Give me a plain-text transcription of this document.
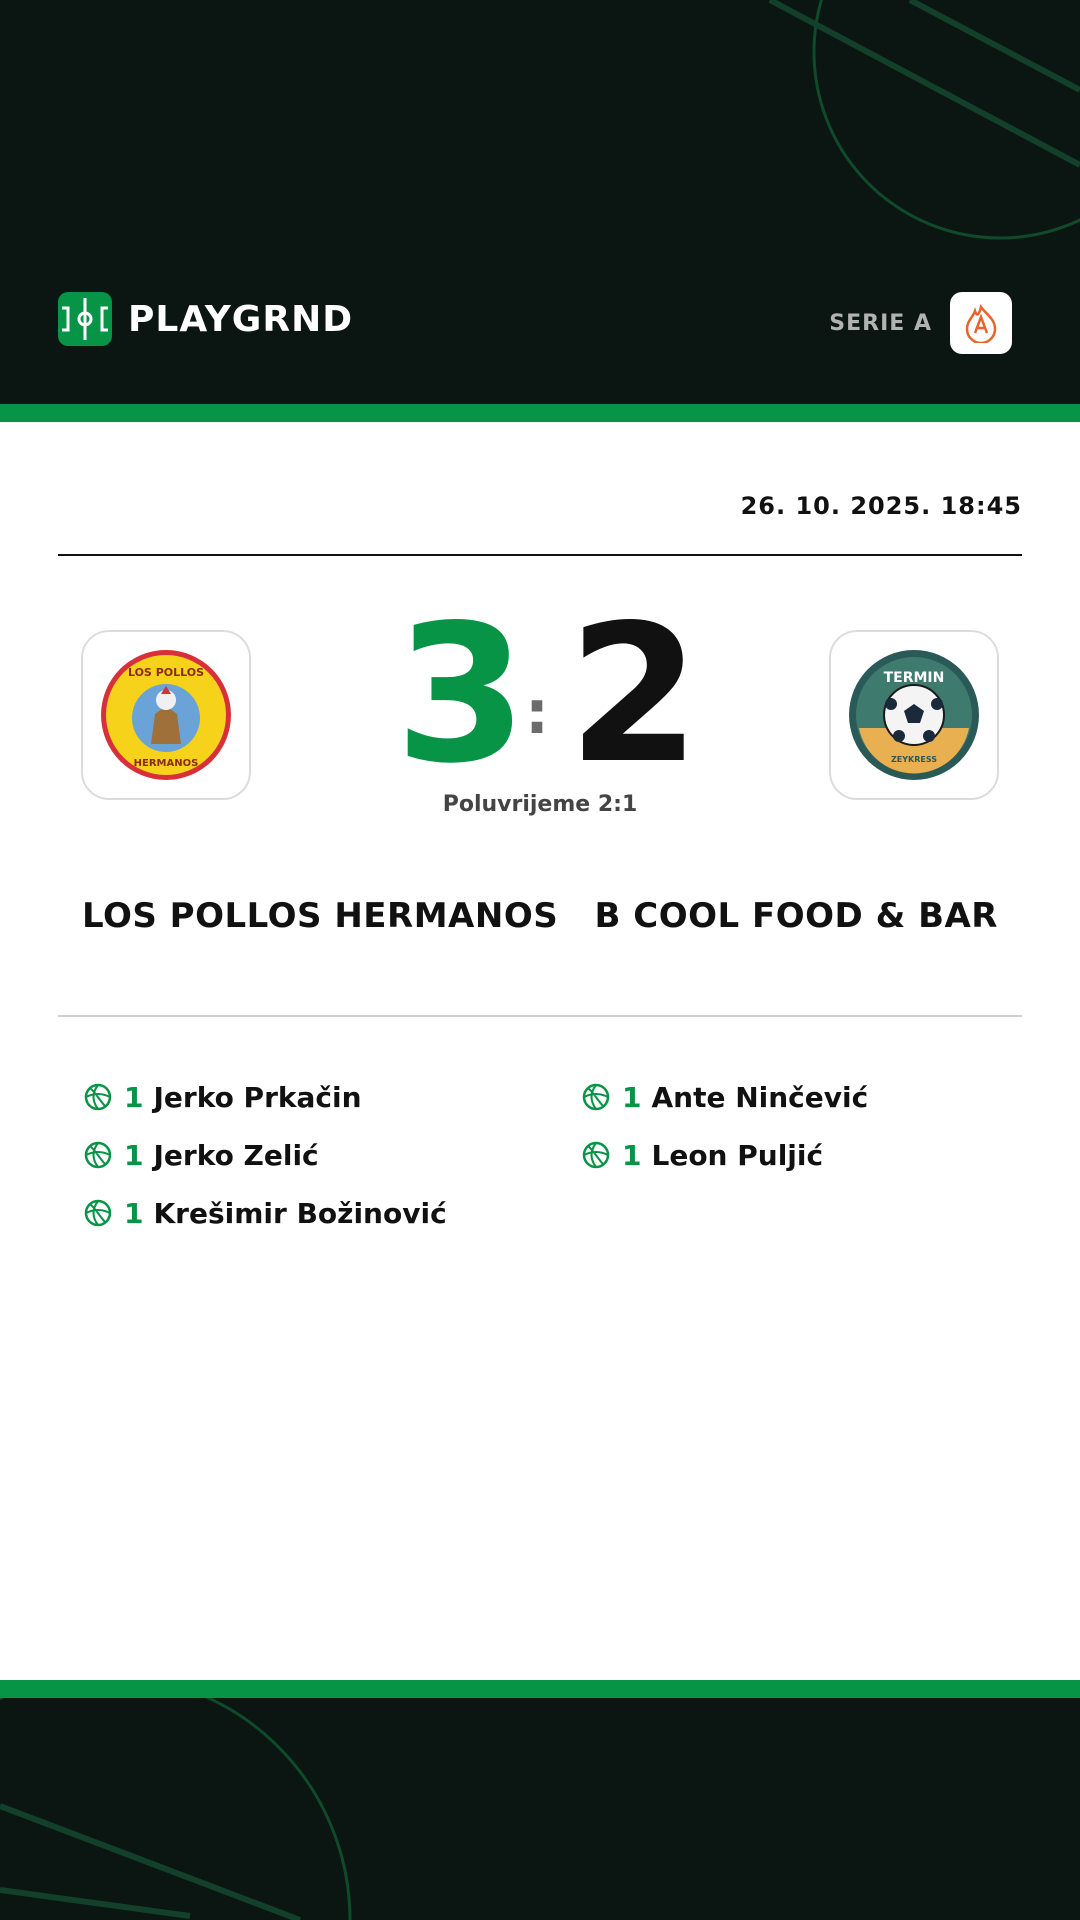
PLAYGRND	SERIE A
26. 10. 2025. 18:45
LOS POLLOS
HERMANOS
TERMIN
ZEYKRESS
3
: 2
Poluvrijeme 2:1
LOS POLLOS HERMANOS B COOL FOOD & BAR
1 Jerko Prkačin
1 Jerko Zelić
1 Krešimir Božinović
1 Ante Ninčević
1 Leon Puljić
